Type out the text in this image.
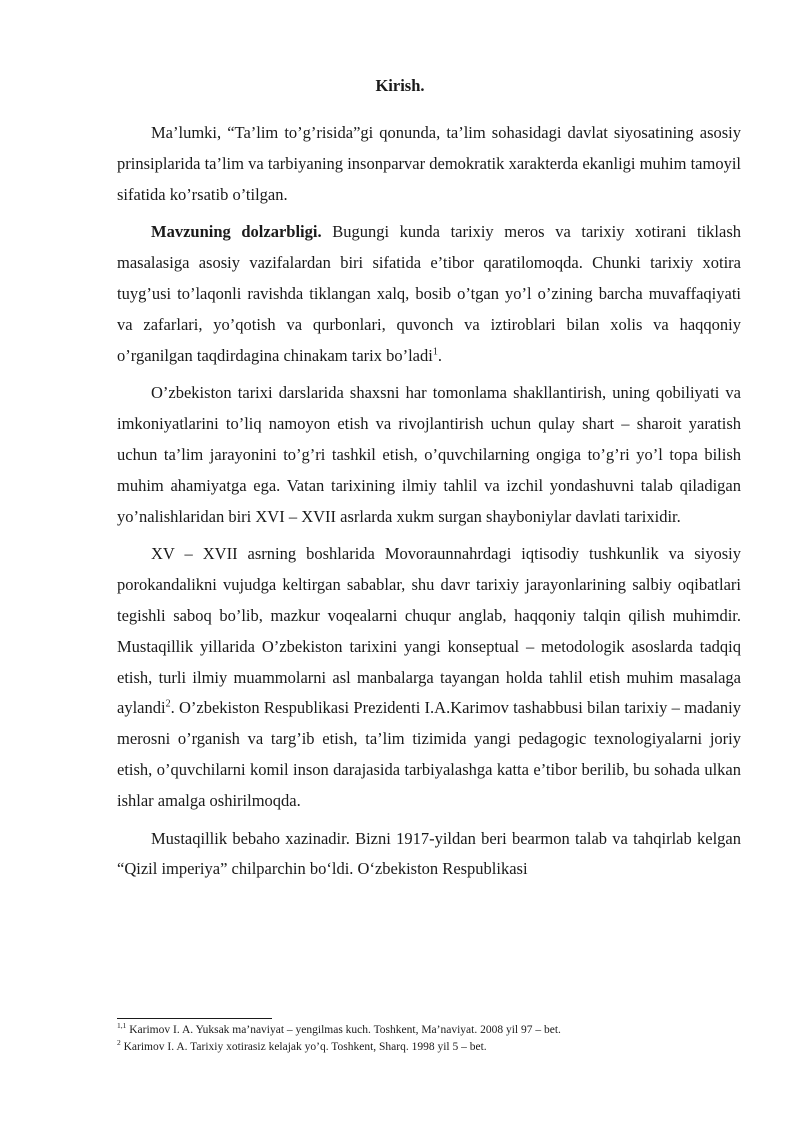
Kirish.

Ma’lumki, “Ta’lim to’g’risida”gi qonunda, ta’lim sohasidagi davlat siyosatining asosiy prinsiplarida ta’lim va tarbiyaning insonparvar demokratik xarakterda ekanligi muhim tamoyil sifatida ko’rsatib o’tilgan.

Mavzuning dolzarbligi. Bugungi kunda tarixiy meros va tarixiy xotirani tiklash masalasiga asosiy vazifalardan biri sifatida e’tibor qaratilomoqda. Chunki tarixiy xotira tuyg’usi to’laqonli ravishda tiklangan xalq, bosib o’tgan yo’l o’zining barcha muvaffaqiyati va zafarlari, yo’qotish va qurbonlari, quvonch va iztiroblari bilan xolis va haqqoniy o’rganilgan taqdirdagina chinakam tarix bo’ladi$^1$.

O’zbekiston tarixi darslarida shaxsni har tomonlama shakllantirish, uning qobiliyati va imkoniyatlarini to’liq namoyon etish va rivojlantirish uchun qulay shart – sharoit yaratish uchun ta’lim jarayonini to’g’ri tashkil etish, o’quvchilarning ongiga to’g’ri yo’l topa bilish muhim ahamiyatga ega. Vatan tarixining ilmiy tahlil va izchil yondashuvni talab qiladigan yo’nalishlaridan biri XVI – XVII asrlarda xukm surgan shayboniylar davlati tarixidir.

XV – XVII asrning boshlarida Movoraunnahrdagi iqtisodiy tushkunlik va siyosiy porokandalikni vujudga keltirgan sabablar, shu davr tarixiy jarayonlarining salbiy oqibatlari tegishli saboq bo’lib, mazkur voqealarni chuqur anglab, haqqoniy talqin qilish muhimdir. Mustaqillik yillarida O’zbekiston tarixini yangi konseptual – metodologik asoslarda tadqiq etish, turli ilmiy muammolarni asl manbalarga tayangan holda tahlil etish muhim masalaga aylandi$^2$. O’zbekiston Respublikasi Prezidenti I.A.Karimov tashabbusi bilan tarixiy – madaniy merosni o’rganish va targ’ib etish, ta’lim tizimida yangi pedagogic texnologiyalarni joriy etish, o’quvchilarni komil inson darajasida tarbiyalashga katta e’tibor berilib, bu sohada ulkan ishlar amalga oshirilmoqda.

Mustaqillik bebaho xazinadir. Bizni 1917-yildan beri bearmon talab va tahqirlab kelgan “Qizil imperiya” chilparchin bo‘ldi. O‘zbekiston Respublikasi

$^{1,1}$ Karimov I. A. Yuksak ma’naviyat – yengilmas kuch. Toshkent, Ma’naviyat. 2008 yil 97 – bet.
$^2$ Karimov I. A. Tarixiy xotirasiz kelajak yo’q. Toshkent, Sharq. 1998 yil 5 – bet.
